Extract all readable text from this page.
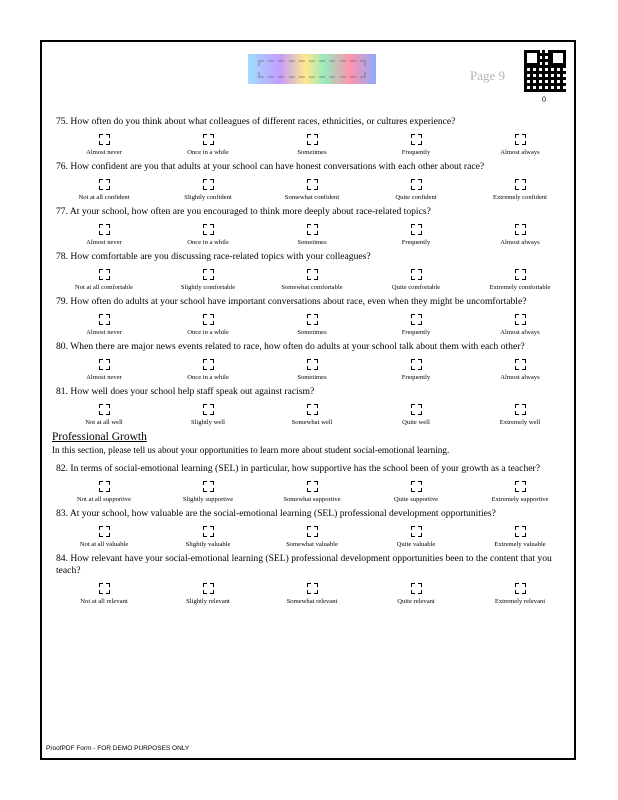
Page 9
0
75. How often do you think about what colleagues of different races, ethnicities, or cultures experience?
Almost never	Once in a while	Sometimes	Frequently	Almost always
76. How confident are you that adults at your school can have honest conversations with each other about race?
Not at all confident	Slightly confident	Somewhat confident	Quite confident	Extremely confident
77. At your school, how often are you encouraged to think more deeply about race-related topics?
Almost never	Once in a while	Sometimes	Frequently	Almost always
78. How comfortable are you discussing race-related topics with your colleagues?
Not at all comfortable	Slightly comfortable	Somewhat comfortable	Quite comfortable	Extremely comfortable
79. How often do adults at your school have important conversations about race, even when they might be uncomfortable?
Almost never	Once in a while	Sometimes	Frequently	Almost always
80. When there are major news events related to race, how often do adults at your school talk about them with each other?
Almost never	Once in a while	Sometimes	Frequently	Almost always
81. How well does your school help staff speak out against racism?
Not at all well	Slightly well	Somewhat well	Quite well	Extremely well
Professional Growth
In this section, please tell us about your opportunities to learn more about student social-emotional learning.
82. In terms of social-emotional learning (SEL) in particular, how supportive has the school been of your growth as a teacher?
Not at all supportive	Slightly supportive	Somewhat supportive	Quite supportive	Extremely supportive
83. At your school, how valuable are the social-emotional learning (SEL) professional development opportunities?
Not at all valuable	Slightly valuable	Somewhat valuable	Quite valuable	Extremely valuable
84. How relevant have your social-emotional learning (SEL) professional development opportunities been to the content that you teach?
Not at all relevant	Slightly relevant	Somewhat relevant	Quite relevant	Extremely relevant
ProofPDF Form - FOR DEMO PURPOSES ONLY
